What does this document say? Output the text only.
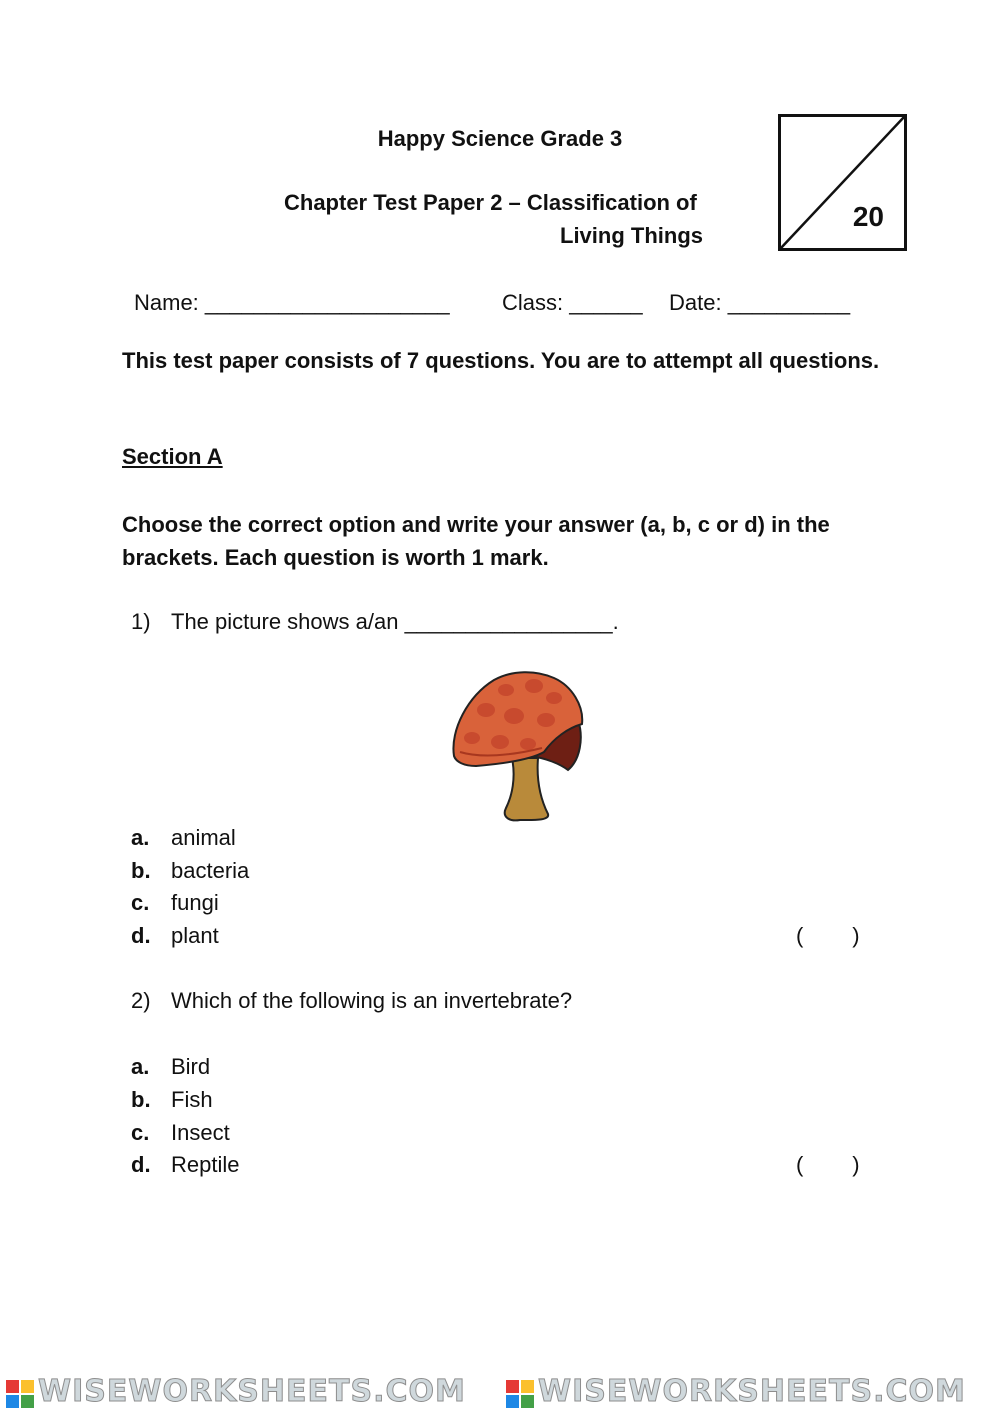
Happy Science Grade 3
Chapter Test Paper 2 – Classification of
Living Things
20
Name: ____________________ Class: ______ Date: __________
This test paper consists of 7 questions. You are to attempt all questions.
Section A
Choose the correct option and write your answer (a, b, c or d) in the brackets. Each question is worth 1 mark.
1) The picture shows a/an _________________.
a. animal
b. bacteria
c. fungi
d. plant	(        )
2) Which of the following is an invertebrate?
a. Bird
b. Fish
c. Insect
d. Reptile	(        )
WISEWORKSHEETS.COM WISEWORKSHEETS.COM
